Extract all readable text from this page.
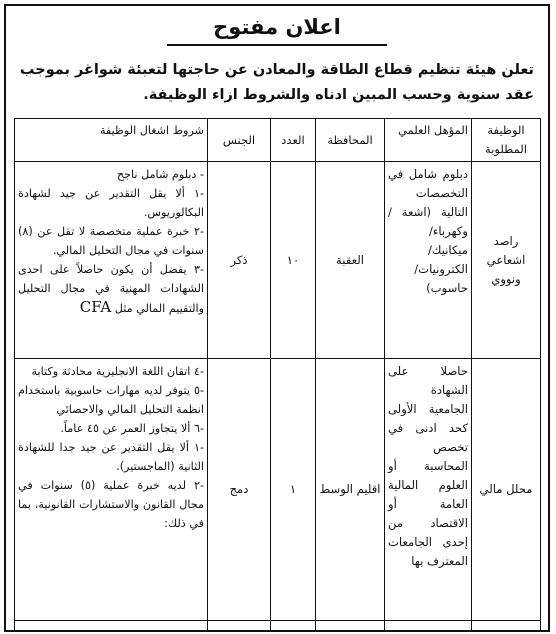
اعلان مفتوح
تعلن هيئة تنظيم قطاع الطاقة والمعادن عن حاجتها لتعبئة شواغر بموجب عقد سنوية وحسب المبين ادناه والشروط ازاء الوظيفة.
الوظيفة المطلوبة	المؤهل العلمي	المحافظة	العدد	الجنس	شروط اشغال الوظيفة
راصد اشعاعي ونووي	دبلوم شامل في التخصصات التالية (اشعة / وكهرباء/ ميكانيك/ الكترونيات/ حاسوب)	العقبة	١٠	ذكر	- دبلوم شامل ناجح
-١ ألا يقل التقدير عن جيد لشهادة البكالوريوس.
-٢ خبرة عملية متخصصة لا تقل عن (٨) سنوات في مجال التحليل المالي.
-٣ يفضل أن يكون حاصلاً على احدى الشهادات المهنية في مجال التحليل والتقييم المالي مثل CFA

محلل مالي	حاصلا على الشهادة الجامعية الأولى كحد ادنى في تخصص المحاسبة أو العلوم المالية العامة أو الاقتصاد من إحدى الجامعات المعترف بها	اقليم الوسط	١	دمج	-٤ اتقان اللغة الانجليزية محادثة وكتابة
-٥ يتوفر لديه مهارات حاسوبية باستخدام انظمة التحليل المالي والاحصائي
-٦ ألا يتجاوز العمر عن ٤٥ عاماً.
-١ ألا يقل التقدير عن جيد جدا للشهادة الثانية (الماجستير).
-٢ لديه خبرة عملية (٥) سنوات في مجال القانون والاستشارات القانونية، بما في ذلك:
